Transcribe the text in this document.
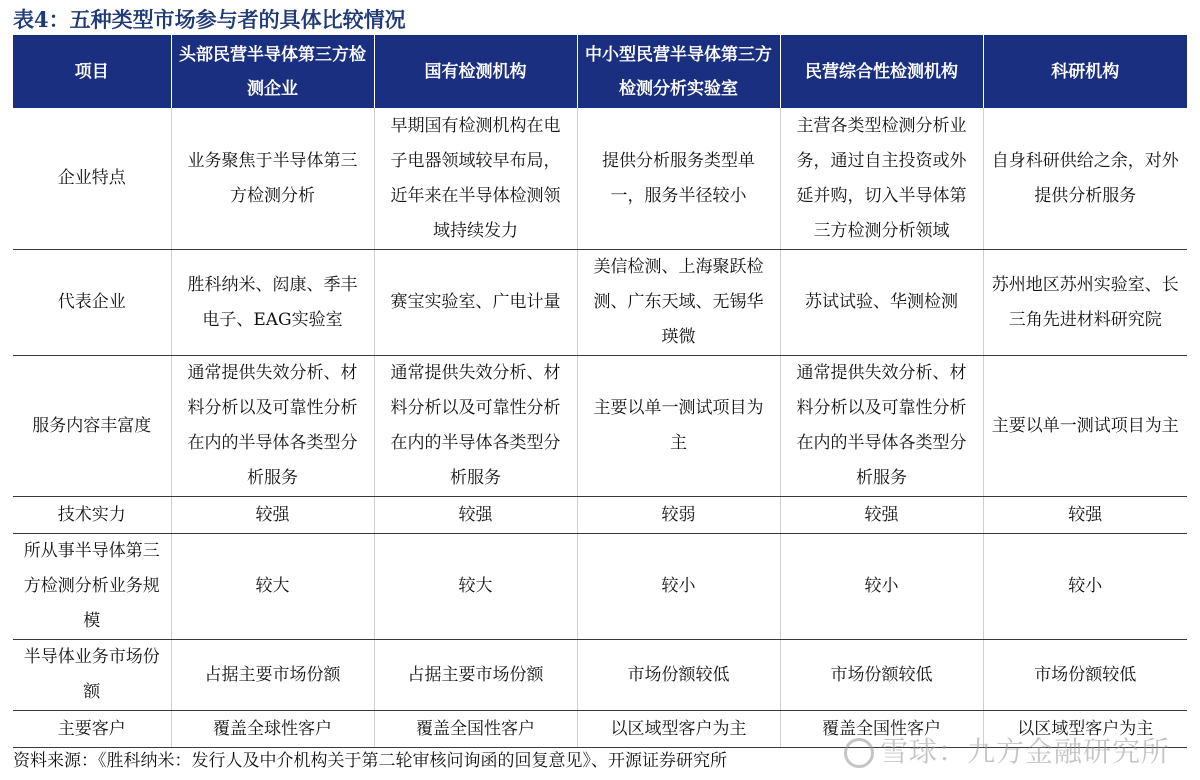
表4：五种类型市场参与者的具体比较情况
项目	头部民营半导体第三方检测企业	国有检测机构	中小型民营半导体第三方检测分析实验室	民营综合性检测机构	科研机构
企业特点	业务聚焦于半导体第三方检测分析	早期国有检测机构在电子电器领域较早布局，近年来在半导体检测领域持续发力	提供分析服务类型单一，服务半径较小	主营各类型检测分析业务，通过自主投资或外延并购，切入半导体第三方检测分析领域	自身科研供给之余，对外提供分析服务
代表企业	胜科纳米、闳康、季丰电子、EAG实验室	赛宝实验室、广电计量	美信检测、上海聚跃检测、广东天域、无锡华瑛微	苏试试验、华测检测	苏州地区苏州实验室、长三角先进材料研究院
服务内容丰富度	通常提供失效分析、材料分析以及可靠性分析在内的半导体各类型分析服务	通常提供失效分析、材料分析以及可靠性分析在内的半导体各类型分析服务	主要以单一测试项目为主	通常提供失效分析、材料分析以及可靠性分析在内的半导体各类型分析服务	主要以单一测试项目为主
技术实力	较强	较强	较弱	较强	较强
所从事半导体第三方检测分析业务规模	较大	较大	较小	较小	较小
半导体业务市场份额	占据主要市场份额	占据主要市场份额	市场份额较低	市场份额较低	市场份额较低
主要客户	覆盖全球性客户	覆盖全国性客户	以区域型客户为主	覆盖全国性客户	以区域型客户为主
资料来源：《胜科纳米：发行人及中介机构关于第二轮审核问询函的回复意见》、开源证券研究所	雪球：九方金融研究所
